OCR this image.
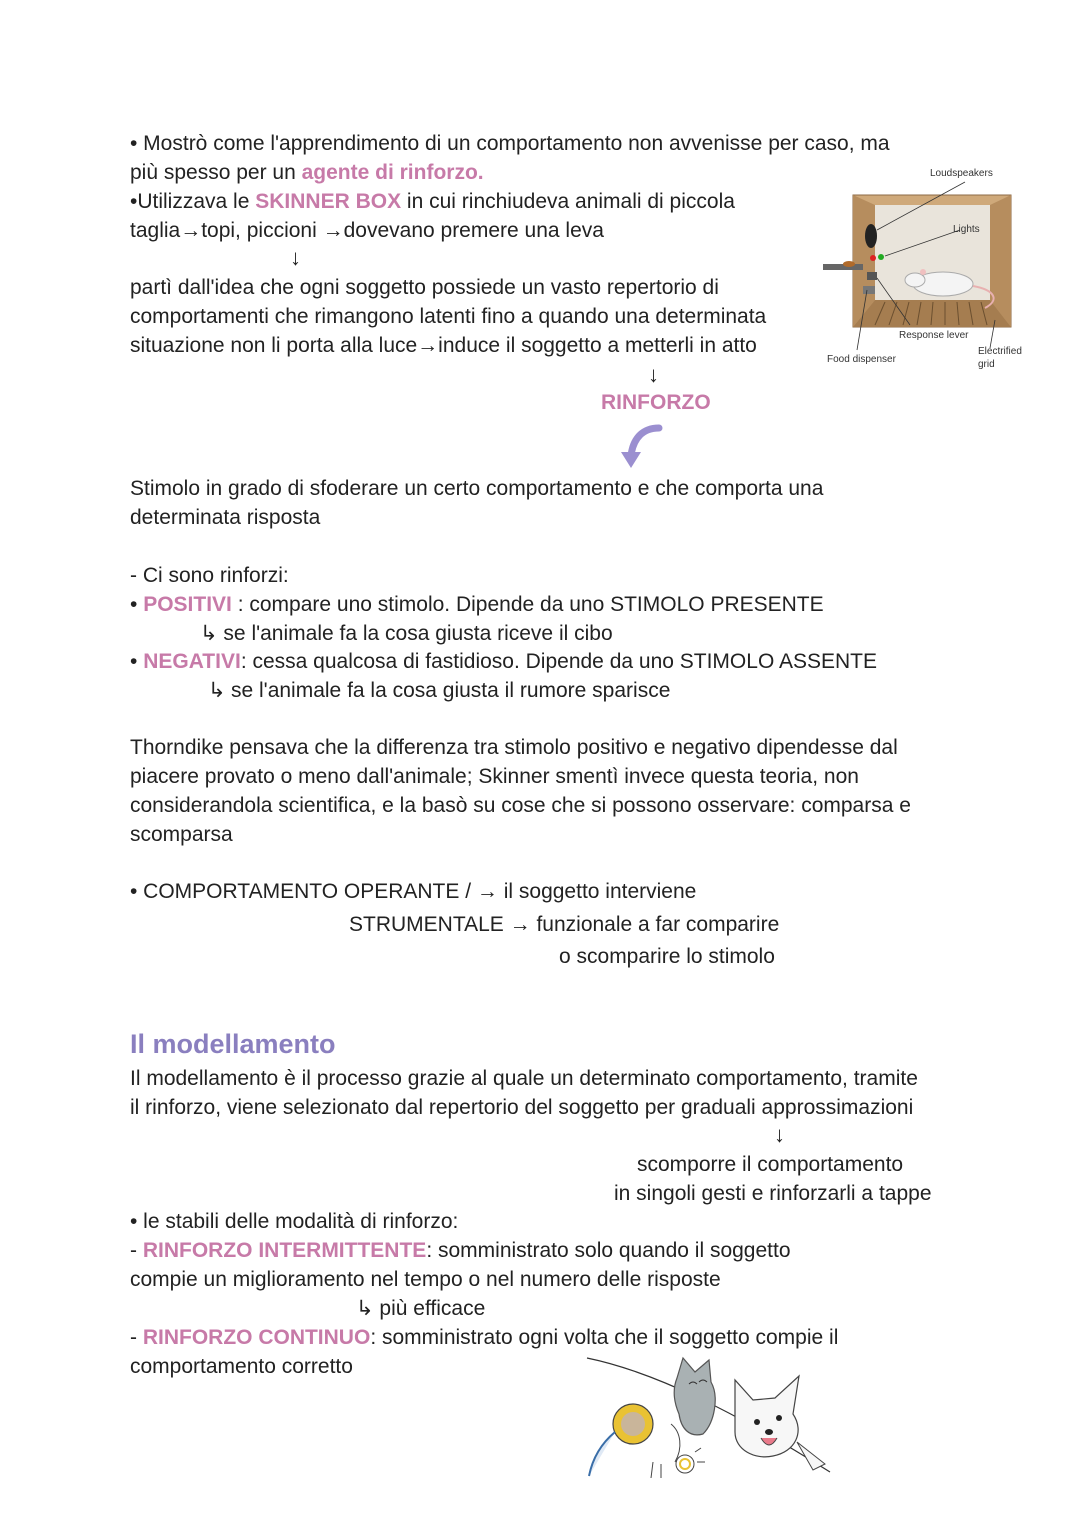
• Mostrò come l'apprendimento di un comportamento non avvenisse per caso, ma
più spesso per un agente di rinforzo.
•Utilizzava le SKINNER BOX in cui rinchiudeva animali di piccola
taglia→topi, piccioni →dovevano premere una leva
↓
partì dall'idea che ogni soggetto possiede un vasto repertorio di
comportamenti che rimangono latenti fino a quando una determinata
situazione non li porta alla luce→induce il soggetto a metterli in atto
↓
RINFORZO
Loudspeakers
Lights
Response lever
Food dispenser
Electrified
grid
Stimolo in grado di sfoderare un certo comportamento e che comporta una
determinata risposta
- Ci sono rinforzi:
• POSITIVI : compare uno stimolo. Dipende da uno STIMOLO PRESENTE
↳ se l'animale fa la cosa giusta riceve il cibo
• NEGATIVI: cessa qualcosa di fastidioso. Dipende da uno STIMOLO ASSENTE
↳ se l'animale fa la cosa giusta il rumore sparisce
Thorndike pensava che la differenza tra stimolo positivo e negativo dipendesse dal
piacere provato o meno dall'animale; Skinner smentì invece questa teoria, non
considerandola scientifica, e la basò su cose che si possono osservare: comparsa e
scomparsa
• COMPORTAMENTO OPERANTE / → il soggetto interviene
STRUMENTALE → funzionale a far comparire
o scomparire lo stimolo
Il modellamento
Il modellamento è il processo grazie al quale un determinato comportamento, tramite
il rinforzo, viene selezionato dal repertorio del soggetto per graduali approssimazioni
↓
scomporre il comportamento
in singoli gesti e rinforzarli a tappe
• le stabili delle modalità di rinforzo:
- RINFORZO INTERMITTENTE: somministrato solo quando il soggetto
compie un miglioramento nel tempo o nel numero delle risposte
↳ più efficace
- RINFORZO CONTINUO: somministrato ogni volta che il soggetto compie il
comportamento corretto
